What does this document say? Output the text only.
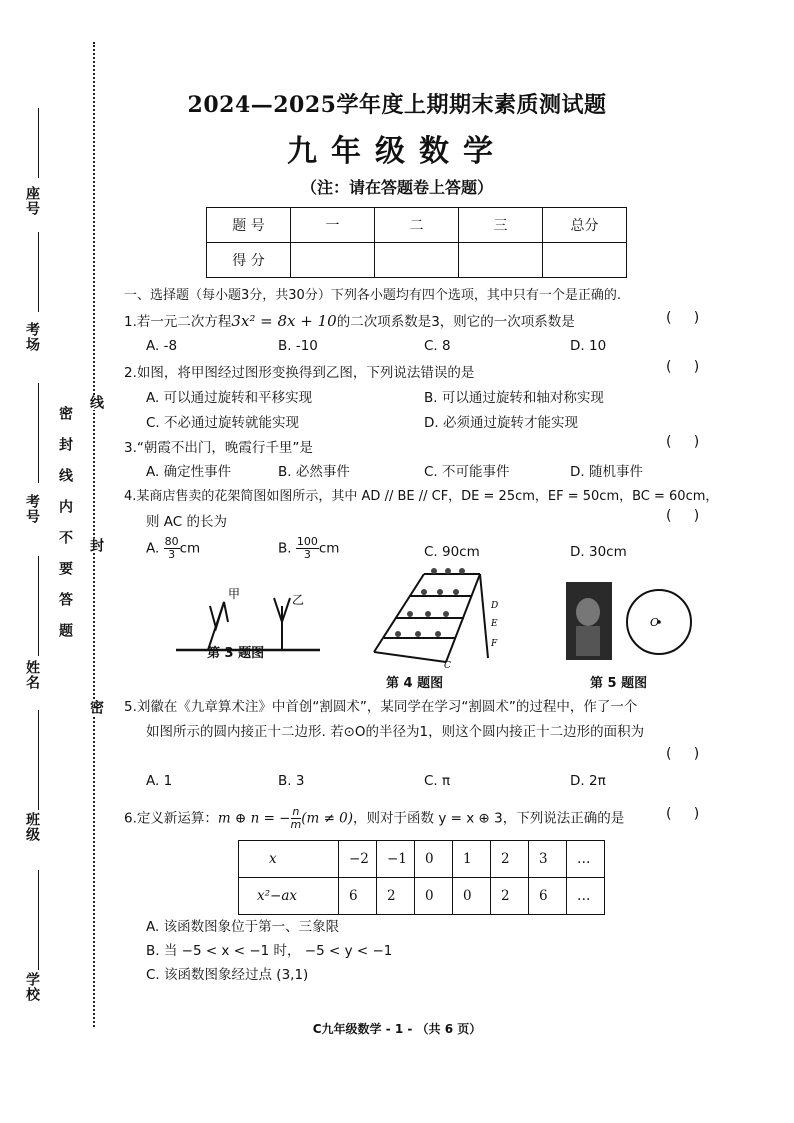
座号
考场
考号
姓名
班级
学校
密封线内不要答题
线
封
密
2024—2025学年度上期期末素质测试题
九年级数学
（注：请在答题卷上答题）
题 号	一	二	三	总分
得 分				
一、选择题（每小题3分，共30分）下列各小题均有四个选项，其中只有一个是正确的.
1.若一元二次方程3x² = 8x + 10的二次项系数是3，则它的一次项系数是	(     )
A. -8	B. -10	C. 8	D. 10
2.如图，将甲图经过图形变换得到乙图，下列说法错误的是	(     )
A. 可以通过旋转和平移实现	B. 可以通过旋转和轴对称实现
C. 不必通过旋转就能实现	D. 必须通过旋转才能实现
3.“朝霞不出门，晚霞行千里”是	(     )
A. 确定性事件	B. 必然事件	C. 不可能事件	D. 随机事件
4.某商店售卖的花架简图如图所示，其中 AD // BE // CF，DE = 25cm，EF = 50cm，BC = 60cm，
则 AC 的长为	(     )
A. $\frac{80}{3}$ cm	B. $\frac{100}{3}$ cm	C. 90cm	D. 30cm
甲	乙
第 3 题图
D
E
F
C
第 4 题图
O
第 5 题图
5.刘徽在《九章算术注》中首创“割圆术”，某同学在学习“割圆术”的过程中，作了一个
如图所示的圆内接正十二边形. 若⊙O的半径为1，则这个圆内接正十二边形的面积为
(     )
A. 1	B. 3	C. π	D. 2π
6.定义新运算：m ⊕ n = − $\frac{n}{m} (m \ne 0)$，则对于函数 y = x ⊕ 3，下列说法正确的是	(     )
x	−2	−1	0	1	2	3	…
x²−ax	6	2	0	0	2	6	…
A. 该函数图象位于第一、三象限
B. 当 −5 < x < −1 时， −5 < y < −1
C. 该函数图象经过点 (3,1)
C九年级数学 - 1 - （共 6 页）
